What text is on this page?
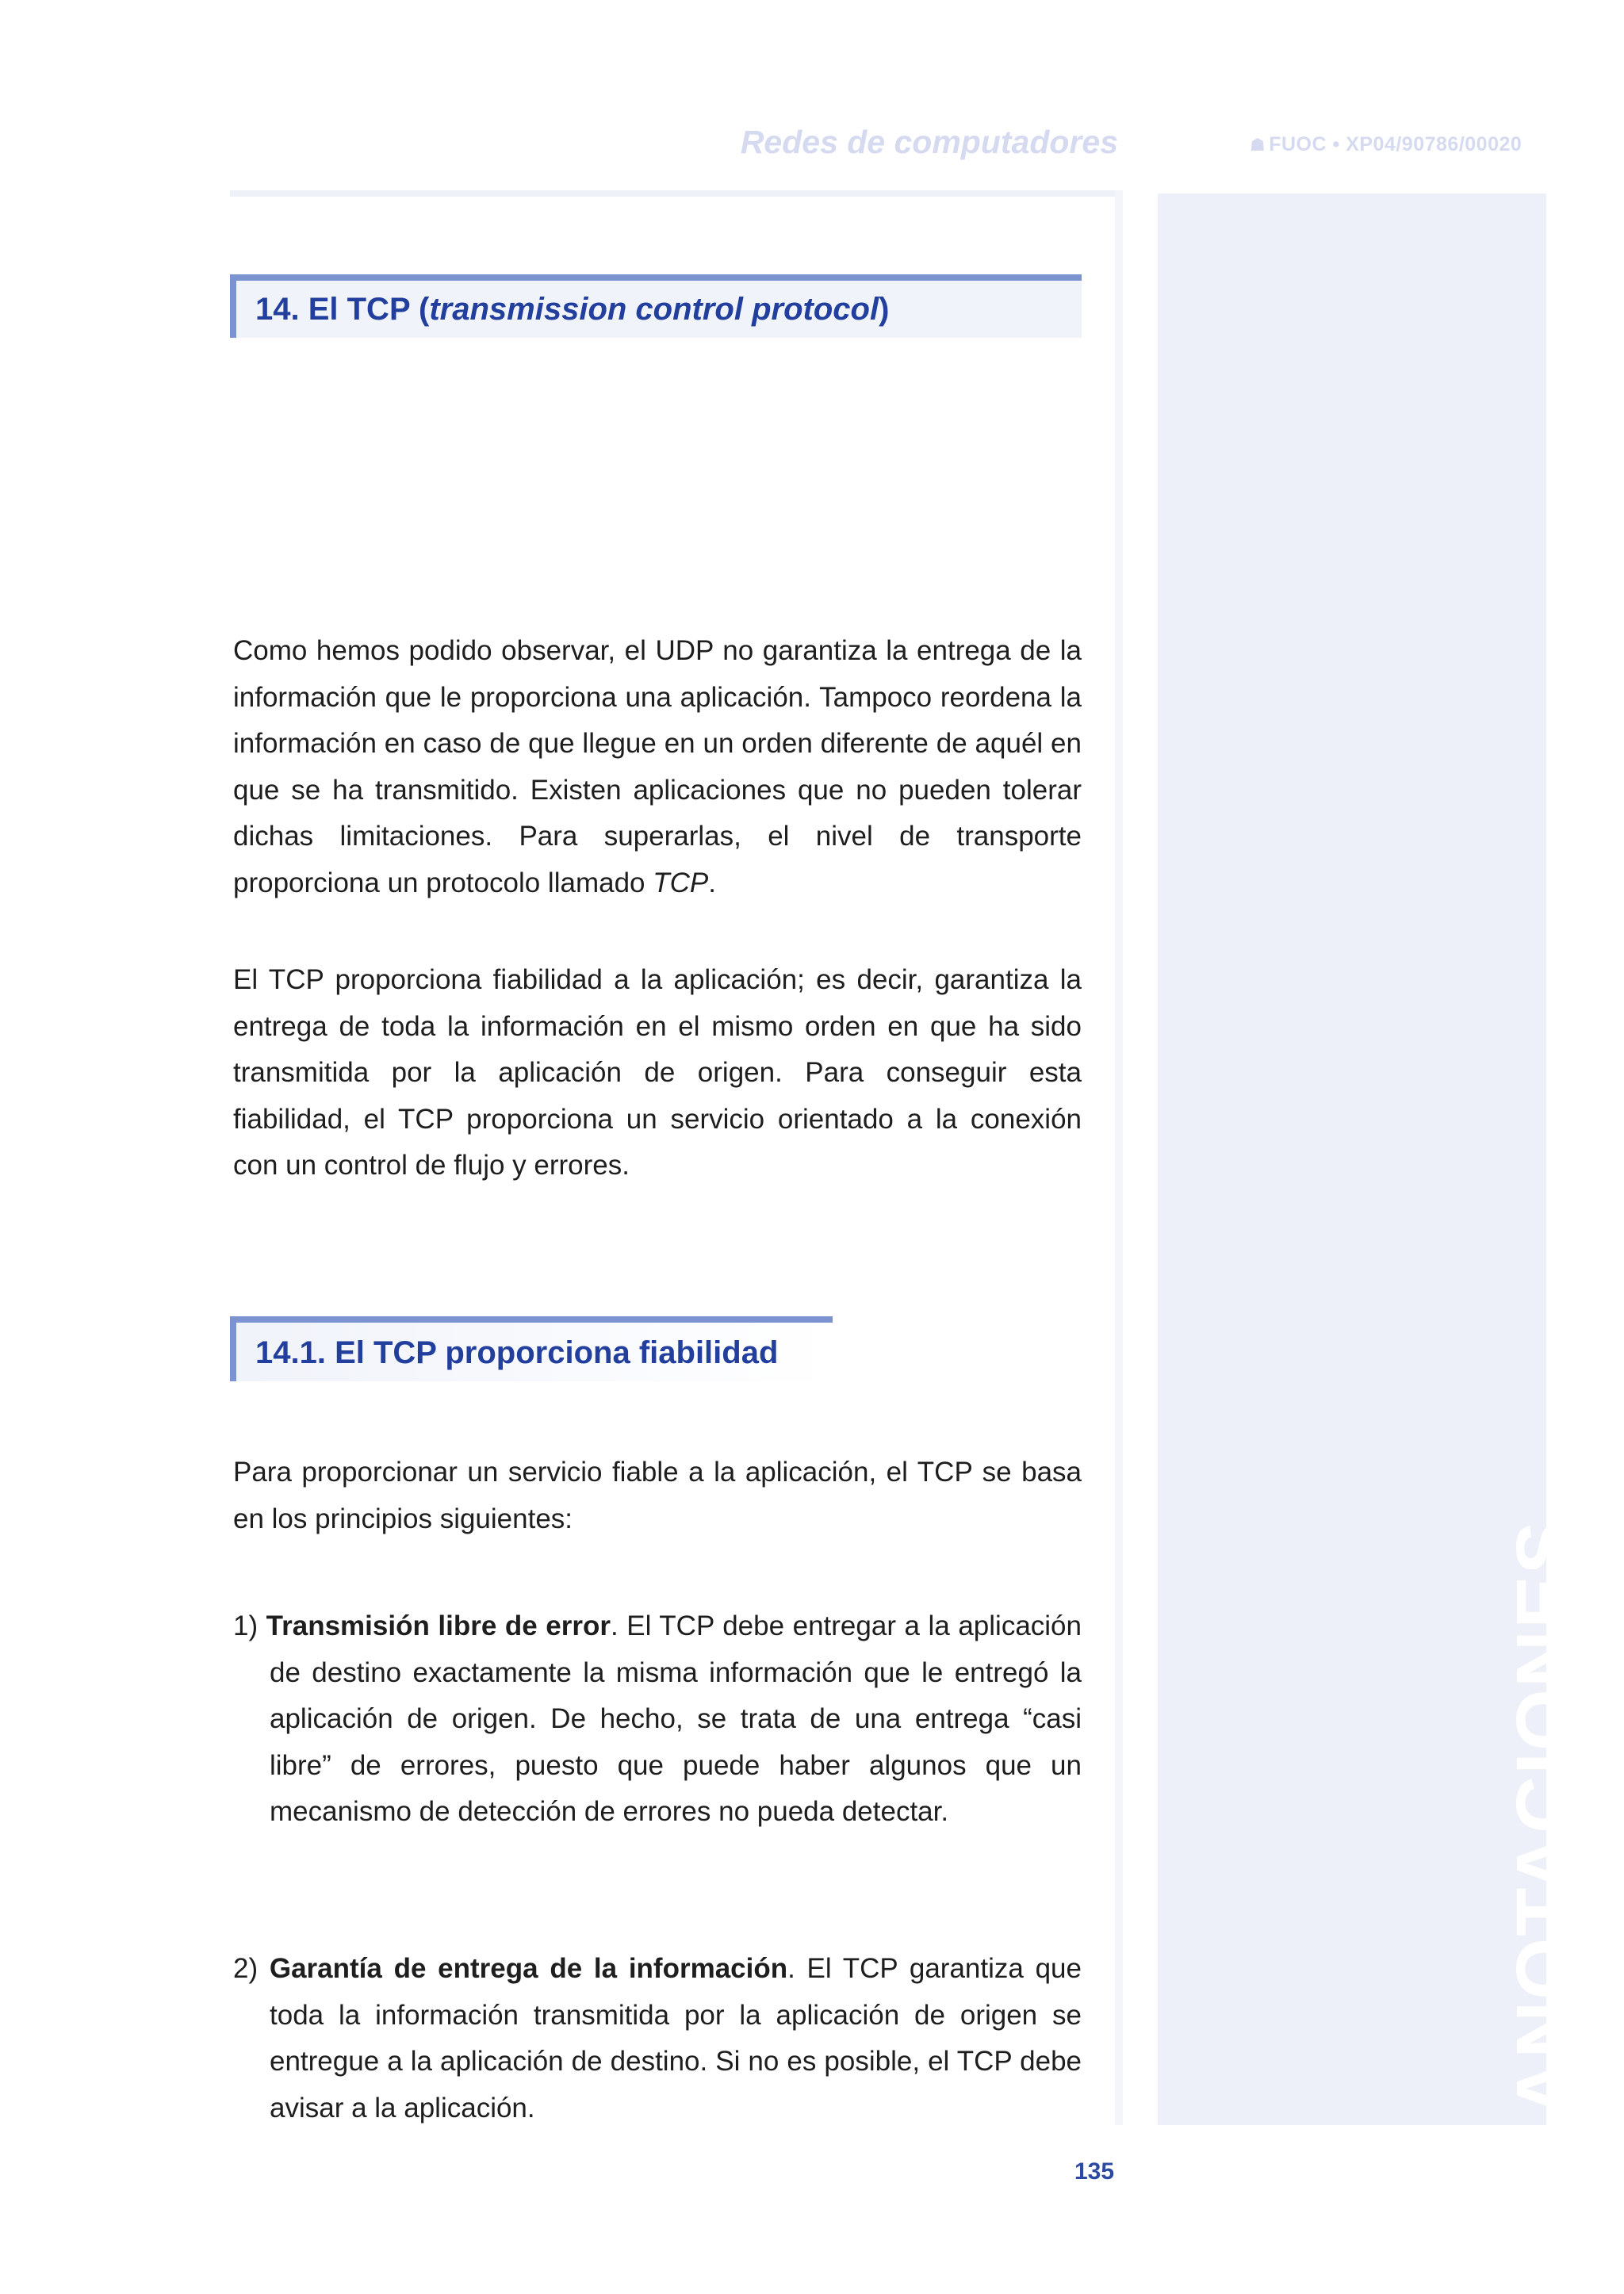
Redes de computadores	☗ FUOC • XP04/90786/00020
ANOTACIONES
14. El TCP (transmission control protocol)

Como hemos podido observar, el UDP no garantiza la entrega de la información que le proporciona una aplicación. Tampoco reordena la información en caso de que llegue en un orden diferente de aquél en que se ha transmitido. Existen aplicaciones que no pueden tolerar dichas limitaciones. Para superarlas, el nivel de transporte proporciona un protocolo llamado TCP.

El TCP proporciona fiabilidad a la aplicación; es decir, garantiza la entrega de toda la información en el mismo orden en que ha sido transmitida por la aplicación de origen. Para conseguir esta fiabilidad, el TCP proporciona un servicio orientado a la conexión con un control de flujo y errores.

14.1. El TCP proporciona fiabilidad

Para proporcionar un servicio fiable a la aplicación, el TCP se basa en los principios siguientes:

1) Transmisión libre de error. El TCP debe entregar a la aplicación de destino exactamente la misma información que le entregó la aplicación de origen. De hecho, se trata de una entrega “casi libre” de errores, puesto que puede haber algunos que un mecanismo de detección de errores no pueda detectar.

2) Garantía de entrega de la información. El TCP garantiza que toda la información transmitida por la aplicación de origen se entregue a la aplicación de destino. Si no es posible, el TCP debe avisar a la aplicación.

135
